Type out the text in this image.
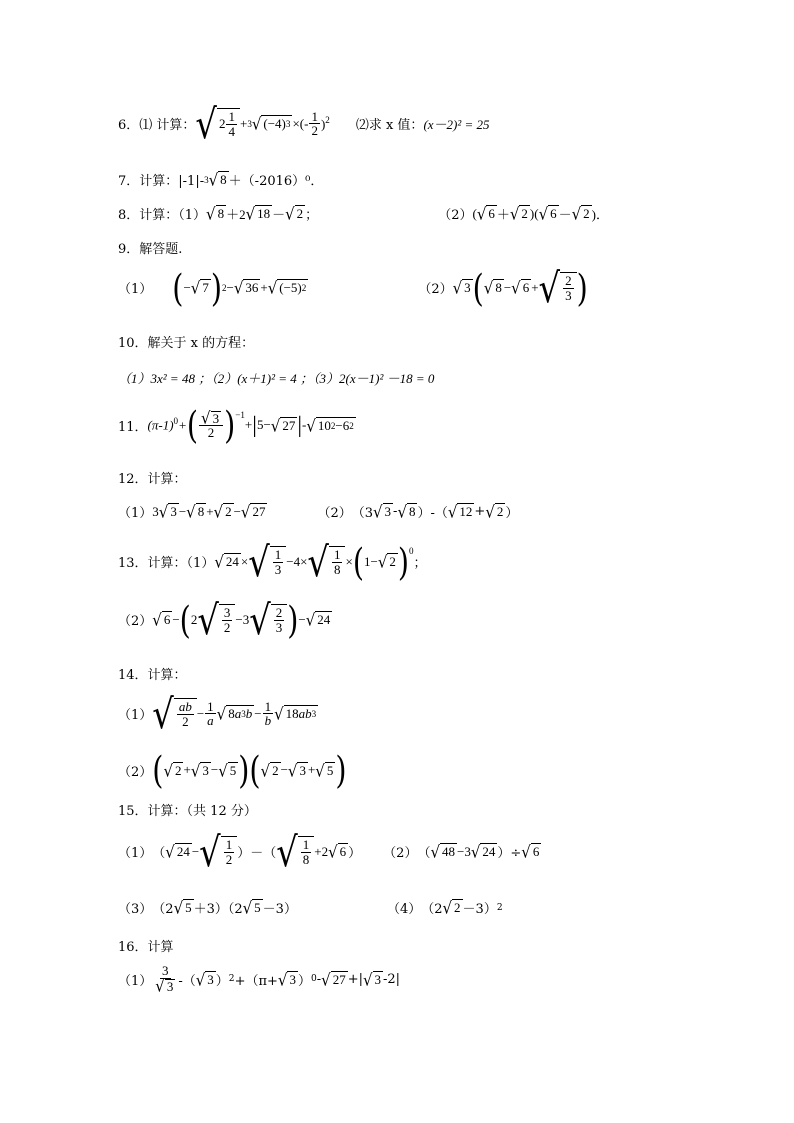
6． ⑴ 计算： √ $2 \frac{1}{4} + 3$ √ (−4) 3 ×(- $\frac{1}{2} )^2$ ⑵求 x 值： (x－2)² = 25
7．计算：|-1|- 3 √ 8 ＋（-2016）⁰．
8．计算：（1） √ 8 ＋2 √ 18 － √ 2 ；	（2） ( √ 6 ＋ √ 2 )( √ 6 － √ 2 )．
9．解答题.
（1） ( − √ 7 ) 2 − √ 36 + √ (−5) 2	（2） √ 3 ( √ 8 − √ 6 + √ $\frac{2}{3}$ )
10．解关于 x 的方程：
（1）3x² = 48 ；（2）(x＋1)² = 4 ；（3）2(x－1)² －18 = 0
11． $(\pi-1)^0+$ ( $\frac{√ 3}{2} )^{-1}$
+ | 5− √ 27 | - √ 10 2 −6 2
12．计算：
（1） 3 √ 3 − √ 8 + √ 2 − √ 27	（2） （3 √ 3 - √ 8 ）-（ √ 12 + √ 2 ）
13．计算：（1） √ 24 × √ $\frac{1}{3} -4\times$ √ $\frac{1}{8}$ × ( 1− √ 2 )$^0$
；
（2） √ 6 − ( 2 √ $\frac{3}{2} -3$ √ $\frac{2}{3}$ ) − √ 24
14．计算：
（1） √ $\frac{ab}{2} - \frac{1}{a}$ √ 8 a 3 $b - \frac{1}{b}$ √ 18 ab 3
（2） ( √ 2 + √ 3 − √ 5 ) ( √ 2 − √ 3 + √ 5 )
15．计算：（共 12 分）
（1） （ √ 24 − √ $\frac{1}{2}$ ）－（ √ $\frac{1}{8} +2$ √ 6 ） （2） （ √ 48 −3 √ 24 ）÷ √ 6
（3） （2 √ 5 ＋3）（2 √ 5 －3）	（4） （2 √ 2 －3） 2
16．计算
$(1) \frac{3}{√ 3}$ -（ √ 3 ） 2 +（π+ √ 3 ） 0 - √ 27 +| √ 3 -2|
